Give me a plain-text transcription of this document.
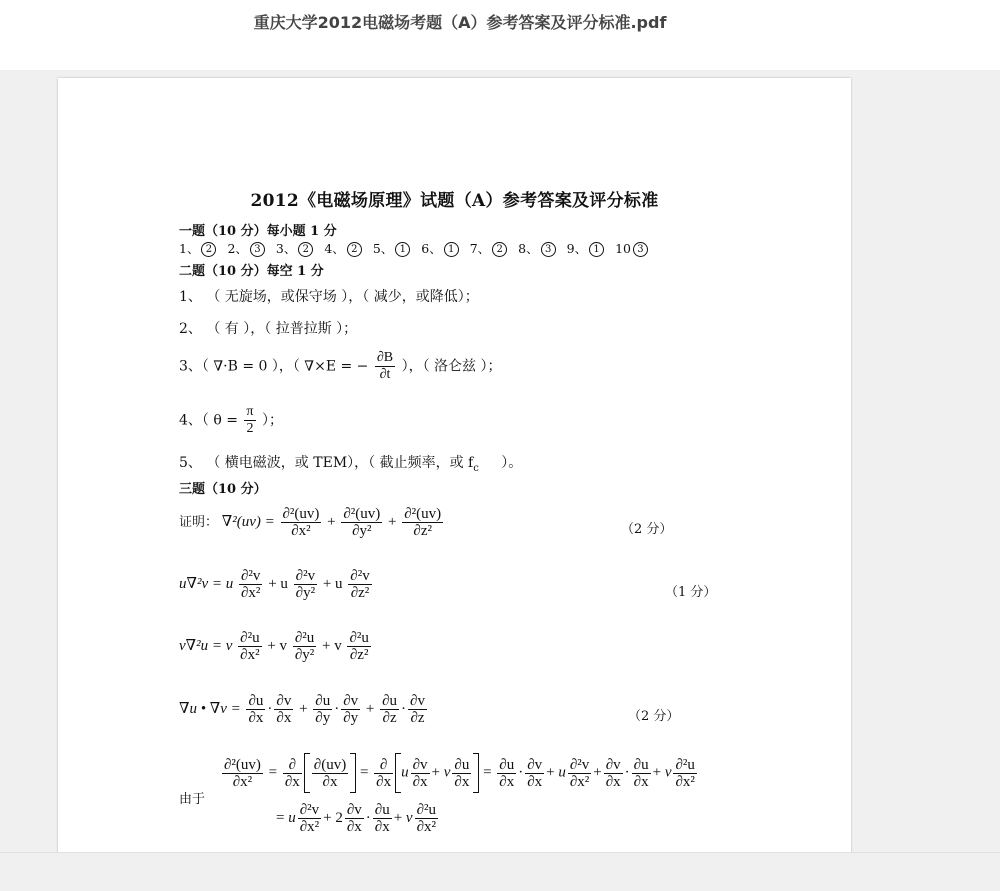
重庆大学2012电磁场考题（A）参考答案及评分标准.pdf
2012《电磁场原理》试题（A）参考答案及评分标准
一题（10 分）每小题 1 分
1、 2 2、 3 3、 2 4、 2 5、 1 6、 1 7、 2 8、 3 9、 1 10 3
二题（10 分）每空 1 分
1、 （ 无旋场，或保守场 ），（ 减少，或降低）；
2、 （ 有 ），（ 拉普拉斯 ）；
3、（ ∇·B = 0 ），（ ∇×E = − $\frac{\partial B}{\partial t}$ ），（ 洛仑兹 ）；
4、（ $\theta = \frac{\pi}{2}$ ）；
5、 （ 横电磁波，或 TEM），（ 截止频率，或 $f_c$ ）。
三题（10 分）
证明： $\nabla^2(uv) = \frac{\text{∂²(uv)}}{\text{∂x²}} + \frac{\text{∂²(uv)}}{\text{∂y²}} + \frac{\text{∂²(uv)}}{\text{∂z²}}$	（2 分）
u∇²v = u $\frac{\text{∂²v}}{\text{∂x²}} + u \frac{\text{∂²v}}{\text{∂y²}} + u \frac{\text{∂²v}}{\text{∂z²}}$	（1 分）
v∇²u = v $\frac{\text{∂²u}}{\text{∂x²}} + v \frac{\text{∂²u}}{\text{∂y²}} + v \frac{\text{∂²u}}{\text{∂z²}}$
∇u • $\nabla v = \frac{\partial u}{\partial x} \cdot \frac{\partial v}{\partial x} + \frac{\partial u}{\partial y} \cdot \frac{\partial v}{\partial y} + \frac{\partial u}{\partial z} \cdot \frac{\partial v}{\partial z}$	（2 分）
由于
$\frac{\text{∂²(uv)}}{\text{∂x²}} = \frac{\partial}{\partial x} \frac{\partial(uv)}{\partial x} = \frac{\partial}{\partial x}$ u $\frac{\partial v}{\partial x} + v \frac{\partial u}{\partial x} = \frac{\partial u}{\partial x} \cdot \frac{\partial v}{\partial x} + u \frac{\text{∂²v}}{\text{∂x²}} + \frac{\partial v}{\partial x} \cdot \frac{\partial u}{\partial x} + v \frac{\text{∂²u}}{\text{∂x²}}$
= u $\frac{\text{∂²v}}{\text{∂x²}} + 2 \frac{\partial v}{\partial x} \cdot \frac{\partial u}{\partial x} + v \frac{\text{∂²u}}{\text{∂x²}}$
